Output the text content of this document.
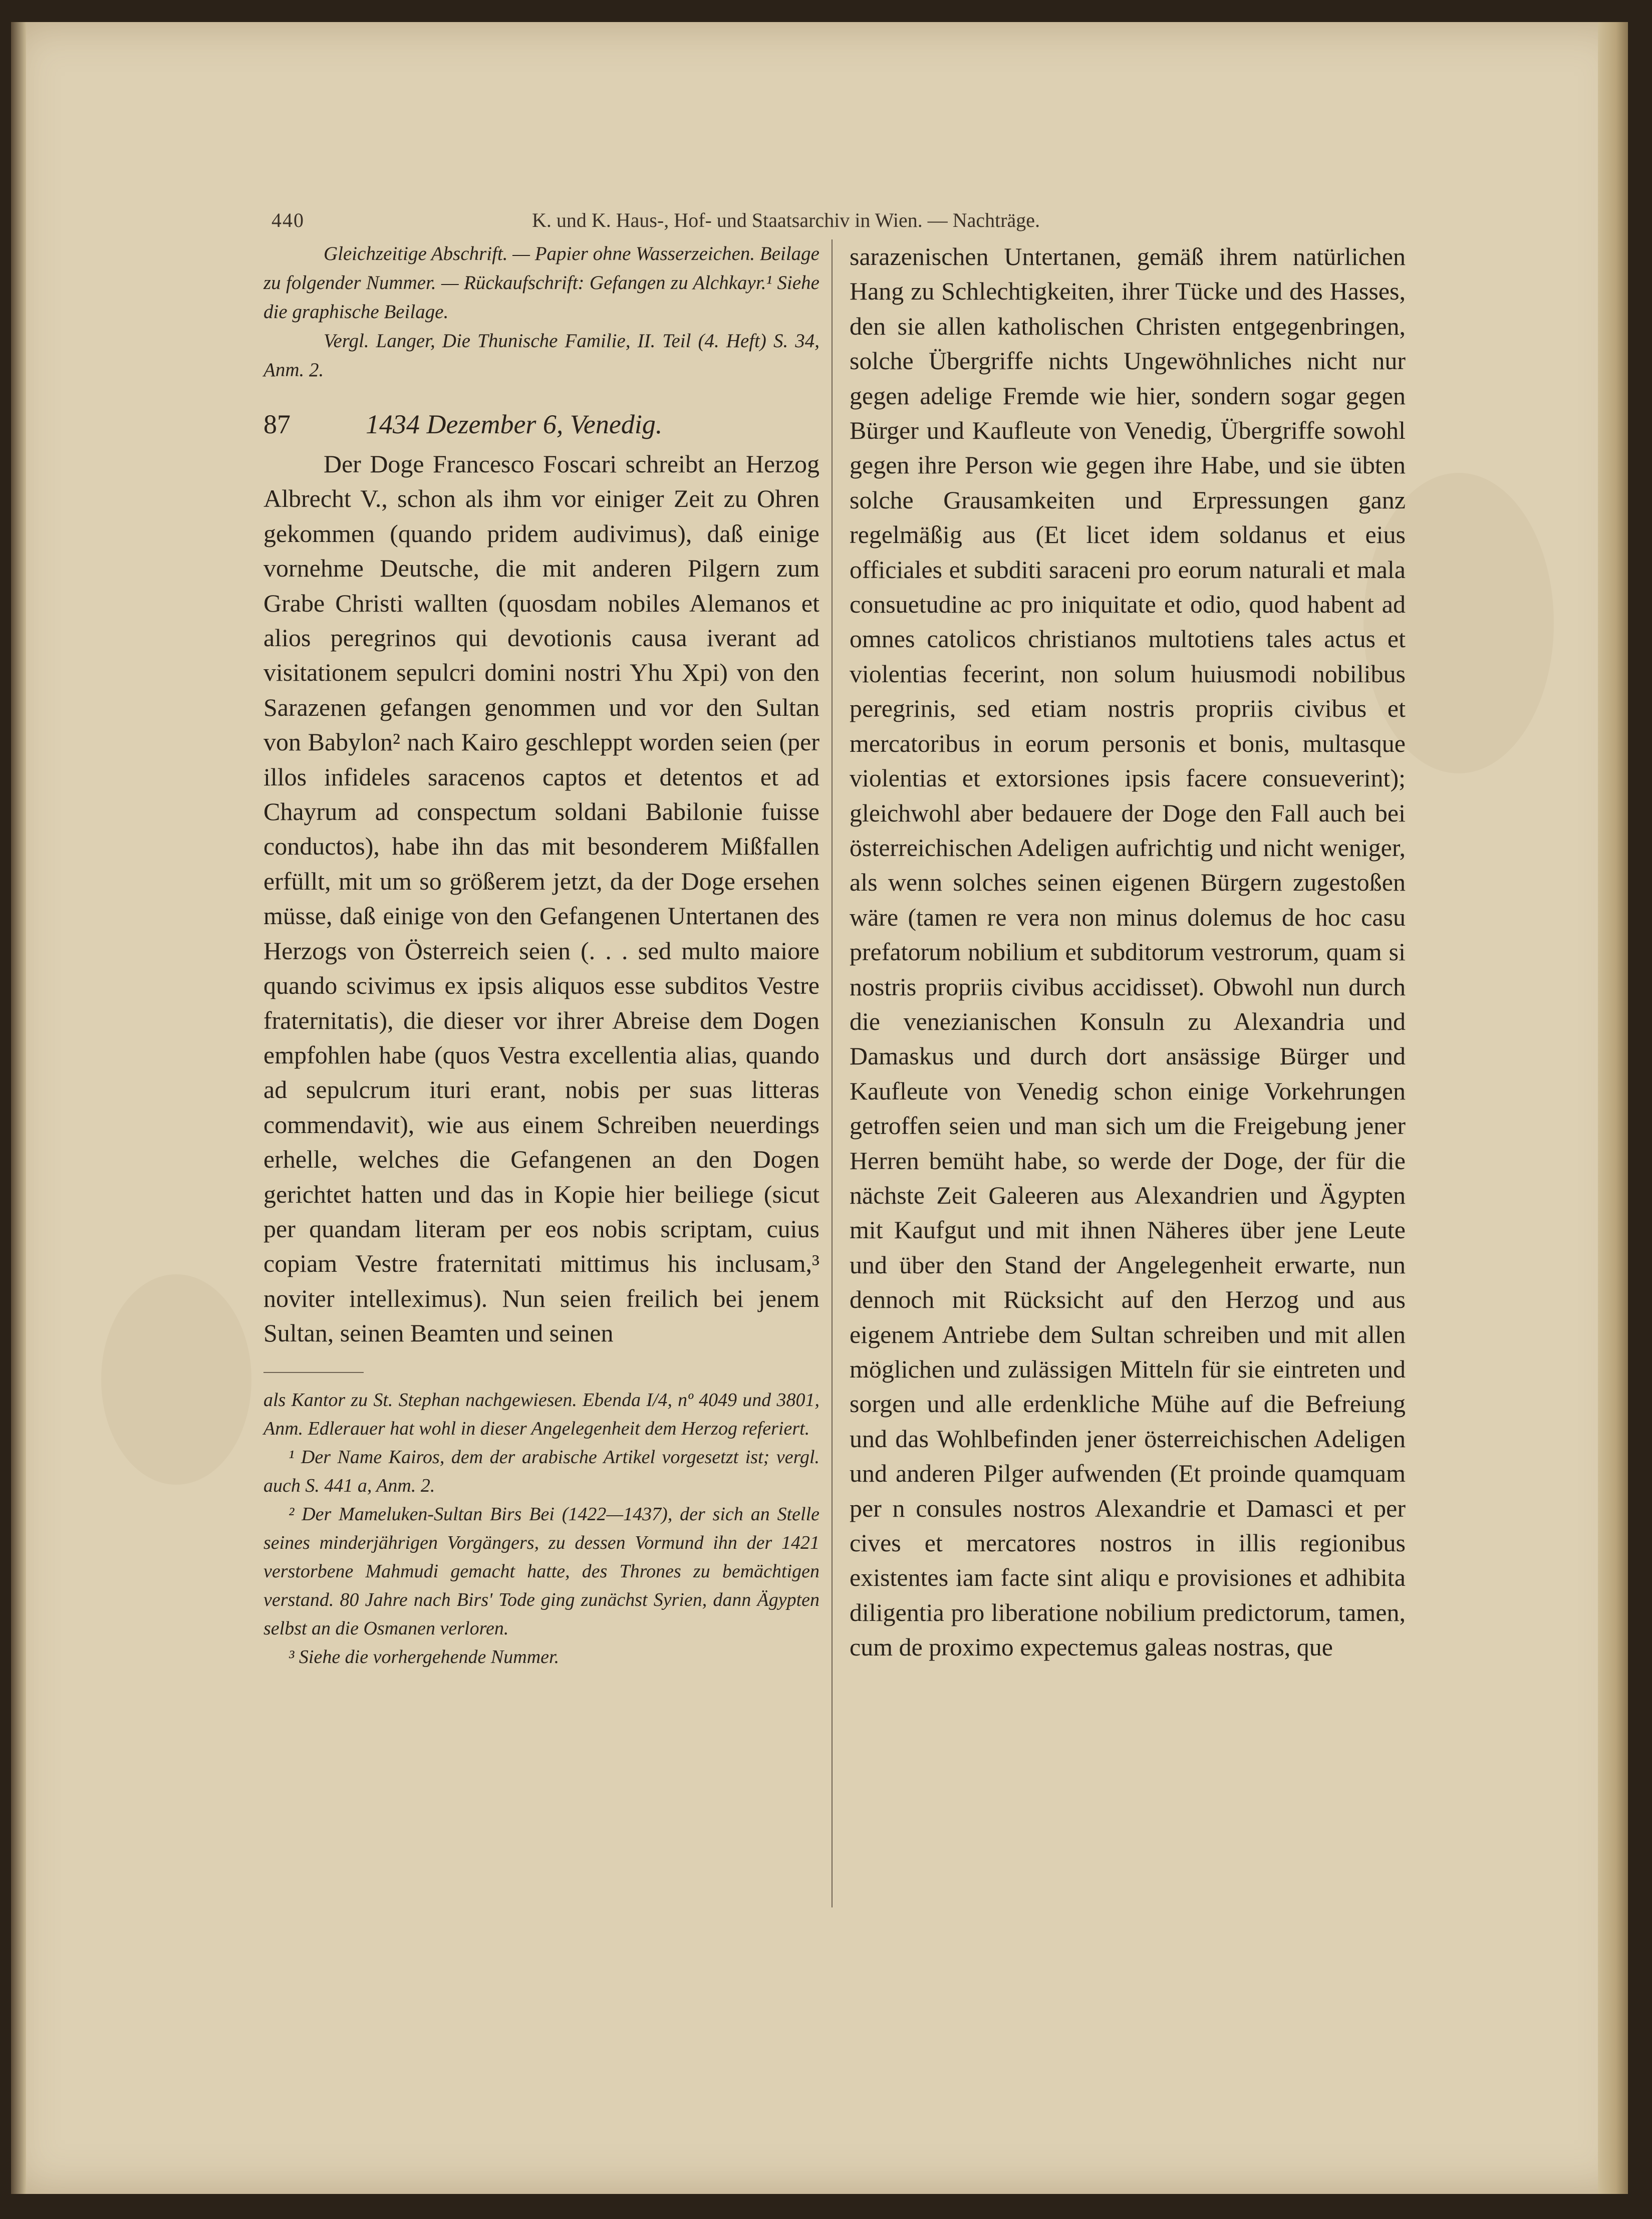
440	K. und K. Haus-, Hof- und Staatsarchiv in Wien. — Nachträge.

Gleichzeitige Abschrift. — Papier ohne Wasserzeichen. Beilage zu folgender Nummer. — Rückaufschrift: Gefangen zu Alchkayr.¹ Siehe die graphische Beilage.

Vergl. Langer, Die Thunische Familie, II. Teil (4. Heft) S. 34, Anm. 2.

87	1434 Dezember 6, Venedig.

Der Doge Francesco Foscari schreibt an Herzog Albrecht V., schon als ihm vor einiger Zeit zu Ohren gekommen (quando pridem audivimus), daß einige vornehme Deutsche, die mit anderen Pilgern zum Grabe Christi wallten (quosdam nobiles Alemanos et alios peregrinos qui devotionis causa iverant ad visitationem sepulcri domini nostri Yhu Xpi) von den Sarazenen gefangen genommen und vor den Sultan von Babylon² nach Kairo geschleppt worden seien (per illos infideles saracenos captos et detentos et ad Chayrum ad conspectum soldani Babilonie fuisse conductos), habe ihn das mit besonderem Mißfallen erfüllt, mit um so größerem jetzt, da der Doge ersehen müsse, daß einige von den Gefangenen Untertanen des Herzogs von Österreich seien (. . . sed multo maiore quando scivimus ex ipsis aliquos esse subditos Vestre fraternitatis), die dieser vor ihrer Abreise dem Dogen empfohlen habe (quos Vestra excellentia alias, quando ad sepulcrum ituri erant, nobis per suas litteras commendavit), wie aus einem Schreiben neuerdings erhelle, welches die Gefangenen an den Dogen gerichtet hatten und das in Kopie hier beiliege (sicut per quandam literam per eos nobis scriptam, cuius copiam Vestre fraternitati mittimus his inclusam,³ noviter intelleximus). Nun seien freilich bei jenem Sultan, seinen Beamten und seinen

als Kantor zu St. Stephan nachgewiesen. Ebenda I/4, nº 4049 und 3801, Anm. Edlerauer hat wohl in dieser Angelegenheit dem Herzog referiert.

¹ Der Name Kairos, dem der arabische Artikel vorgesetzt ist; vergl. auch S. 441 a, Anm. 2.

² Der Mameluken-Sultan Birs Bei (1422—1437), der sich an Stelle seines minderjährigen Vorgängers, zu dessen Vormund ihn der 1421 verstorbene Mahmudi gemacht hatte, des Thrones zu bemächtigen verstand. 80 Jahre nach Birs' Tode ging zunächst Syrien, dann Ägypten selbst an die Osmanen verloren.

³ Siehe die vorhergehende Nummer.

sarazenischen Untertanen, gemäß ihrem natürlichen Hang zu Schlechtigkeiten, ihrer Tücke und des Hasses, den sie allen katholischen Christen entgegenbringen, solche Übergriffe nichts Ungewöhnliches nicht nur gegen adelige Fremde wie hier, sondern sogar gegen Bürger und Kaufleute von Venedig, Übergriffe sowohl gegen ihre Person wie gegen ihre Habe, und sie übten solche Grausamkeiten und Erpressungen ganz regelmäßig aus (Et licet idem soldanus et eius officiales et subditi saraceni pro eorum naturali et mala consuetudine ac pro iniquitate et odio, quod habent ad omnes catolicos christianos multotiens tales actus et violentias fecerint, non solum huiusmodi nobilibus peregrinis, sed etiam nostris propriis civibus et mercatoribus in eorum personis et bonis, multasque violentias et extorsiones ipsis facere consueverint); gleichwohl aber bedauere der Doge den Fall auch bei österreichischen Adeligen aufrichtig und nicht weniger, als wenn solches seinen eigenen Bürgern zugestoßen wäre (tamen re vera non minus dolemus de hoc casu prefatorum nobilium et subditorum vestrorum, quam si nostris propriis civibus accidisset). Obwohl nun durch die venezianischen Konsuln zu Alexandria und Damaskus und durch dort ansässige Bürger und Kaufleute von Venedig schon einige Vorkehrungen getroffen seien und man sich um die Freigebung jener Herren bemüht habe, so werde der Doge, der für die nächste Zeit Galeeren aus Alexandrien und Ägypten mit Kaufgut und mit ihnen Näheres über jene Leute und über den Stand der Angelegenheit erwarte, nun dennoch mit Rücksicht auf den Herzog und aus eigenem Antriebe dem Sultan schreiben und mit allen möglichen und zulässigen Mitteln für sie eintreten und sorgen und alle erdenkliche Mühe auf die Befreiung und das Wohlbefinden jener österreichischen Adeligen und anderen Pilger aufwenden (Et proinde quamquam per n consules nostros Alexandrie et Damasci et per cives et mercatores nostros in illis regionibus existentes iam facte sint aliqu e provisiones et adhibita diligentia pro liberatione nobilium predictorum, tamen, cum de proximo expectemus galeas nostras, que
